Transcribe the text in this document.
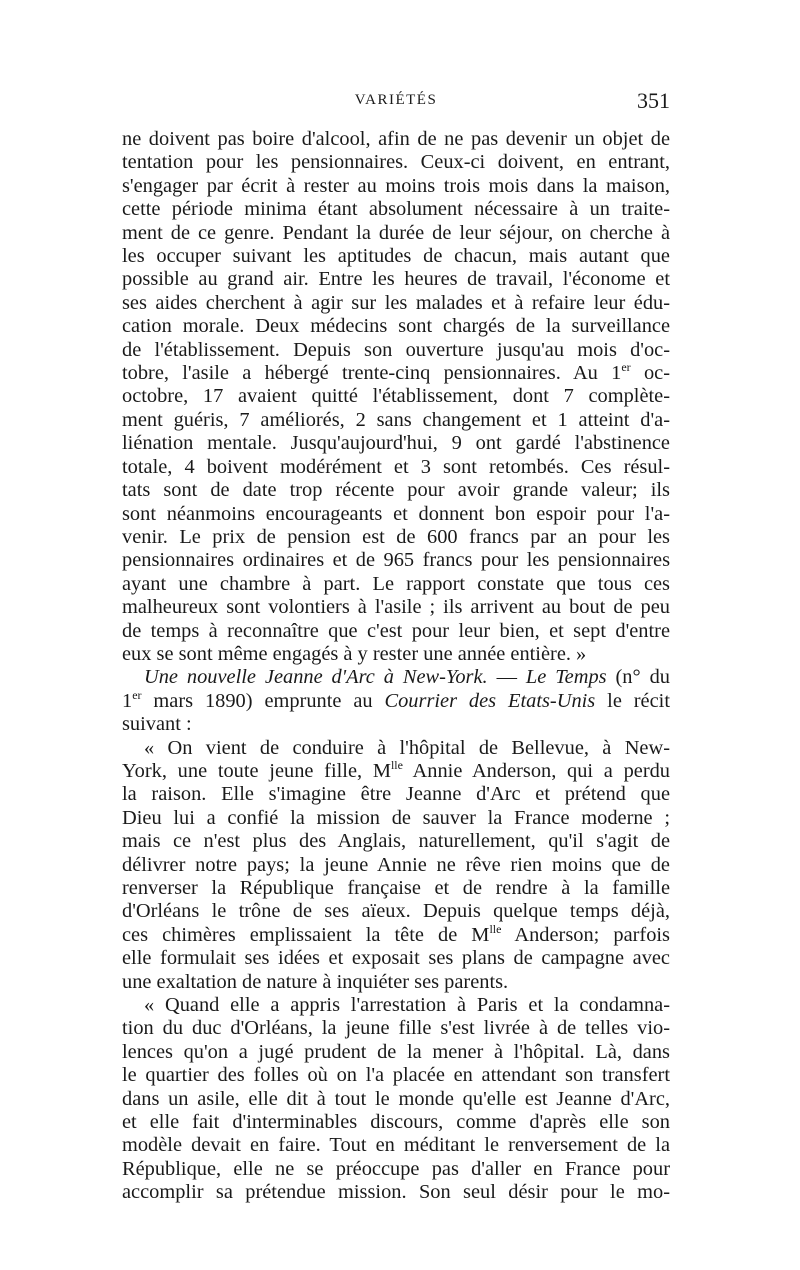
VARIÉTÉS	351
ne doivent pas boire d'alcool, afin de ne pas devenir un objet de
tentation pour les pensionnaires. Ceux-ci doivent, en entrant,
s'engager par écrit à rester au moins trois mois dans la maison,
cette période minima étant absolument nécessaire à un traite-
ment de ce genre. Pendant la durée de leur séjour, on cherche à
les occuper suivant les aptitudes de chacun, mais autant que
possible au grand air. Entre les heures de travail, l'économe et
ses aides cherchent à agir sur les malades et à refaire leur édu-
cation morale. Deux médecins sont chargés de la surveillance
de l'établissement. Depuis son ouverture jusqu'au mois d'oc-
tobre, l'asile a hébergé trente-cinq pensionnaires. Au 1er oc-
octobre, 17 avaient quitté l'établissement, dont 7 complète-
ment guéris, 7 améliorés, 2 sans changement et 1 atteint d'a-
liénation mentale. Jusqu'aujourd'hui, 9 ont gardé l'abstinence
totale, 4 boivent modérément et 3 sont retombés. Ces résul-
tats sont de date trop récente pour avoir grande valeur; ils
sont néanmoins encourageants et donnent bon espoir pour l'a-
venir. Le prix de pension est de 600 francs par an pour les
pensionnaires ordinaires et de 965 francs pour les pensionnaires
ayant une chambre à part. Le rapport constate que tous ces
malheureux sont volontiers à l'asile ; ils arrivent au bout de peu
de temps à reconnaître que c'est pour leur bien, et sept d'entre
eux se sont même engagés à y rester une année entière. »
Une nouvelle Jeanne d'Arc à New-York. — Le Temps (n° du
1er mars 1890) emprunte au Courrier des Etats-Unis le récit
suivant :
« On vient de conduire à l'hôpital de Bellevue, à New-
York, une toute jeune fille, $M^{lle}$ Annie Anderson, qui a perdu
la raison. Elle s'imagine être Jeanne d'Arc et prétend que
Dieu lui a confié la mission de sauver la France moderne ;
mais ce n'est plus des Anglais, naturellement, qu'il s'agit de
délivrer notre pays; la jeune Annie ne rêve rien moins que de
renverser la République française et de rendre à la famille
d'Orléans le trône de ses aïeux. Depuis quelque temps déjà,
ces chimères emplissaient la tête de $M^{lle}$ Anderson; parfois
elle formulait ses idées et exposait ses plans de campagne avec
une exaltation de nature à inquiéter ses parents.
« Quand elle a appris l'arrestation à Paris et la condamna-
tion du duc d'Orléans, la jeune fille s'est livrée à de telles vio-
lences qu'on a jugé prudent de la mener à l'hôpital. Là, dans
le quartier des folles où on l'a placée en attendant son transfert
dans un asile, elle dit à tout le monde qu'elle est Jeanne d'Arc,
et elle fait d'interminables discours, comme d'après elle son
modèle devait en faire. Tout en méditant le renversement de la
République, elle ne se préoccupe pas d'aller en France pour
accomplir sa prétendue mission. Son seul désir pour le mo-
